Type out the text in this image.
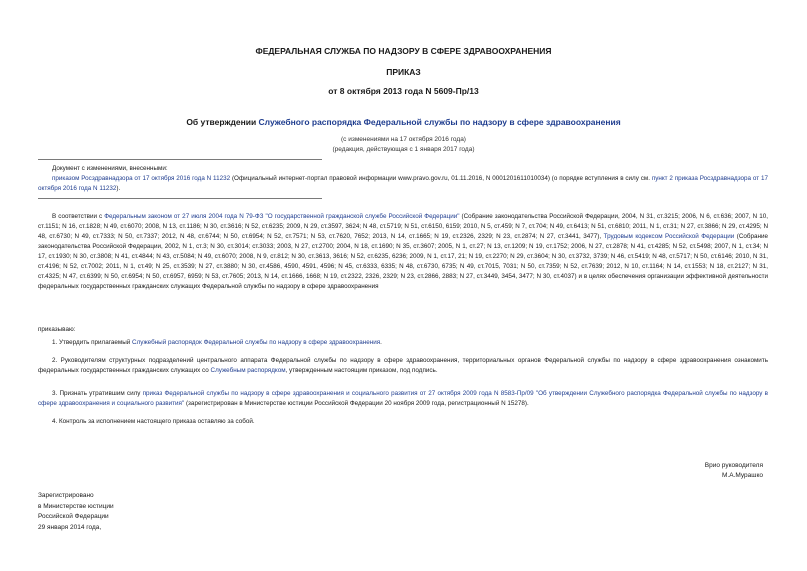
ФЕДЕРАЛЬНАЯ СЛУЖБА ПО НАДЗОРУ В СФЕРЕ ЗДРАВООХРАНЕНИЯ
ПРИКАЗ
от 8 октября 2013 года N 5609-Пр/13
Об утверждении Служебного распорядка Федеральной службы по надзору в сфере здравоохранения
(с изменениями на 17 октября 2016 года)
(редакция, действующая с 1 января 2017 года)
Документ с изменениями, внесенными:
приказом Росздравнадзора от 17 октября 2016 года N 11232 (Официальный интернет-портал правовой информации www.pravo.gov.ru, 01.11.2016, N 0001201611010034) (о порядке вступления в силу см. пункт 2 приказа Росздравнадзора от 17 октября 2016 года N 11232).
В соответствии с Федеральным законом от 27 июля 2004 года N 79-ФЗ "О государственной гражданской службе Российской Федерации" (Собрание законодательства Российской Федерации, 2004, N 31, ст.3215; 2006, N 6, ст.636; 2007, N 10, ст.1151; N 16, ст.1828; N 49, ст.6070; 2008, N 13, ст.1186; N 30, ст.3616; N 52, ст.6235; 2009, N 29, ст.3597, 3624; N 48, ст.5719; N 51, ст.6150, 6159; 2010, N 5, ст.459; N 7, ст.704; N 49, ст.6413; N 51, ст.6810; 2011, N 1, ст.31; N 27, ст.3866; N 29, ст.4295; N 48, ст.6730; N 49, ст.7333; N 50, ст.7337; 2012, N 48, ст.6744; N 50, ст.6954; N 52, ст.7571; N 53, ст.7620, 7652; 2013, N 14, ст.1665; N 19, ст.2326, 2329; N 23, ст.2874; N 27, ст.3441, 3477), Трудовым кодексом Российской Федерации (Собрание законодательства Российской Федерации, 2002, N 1, ст.3; N 30, ст.3014; ст.3033; 2003, N 27, ст.2700; 2004, N 18, ст.1690; N 35, ст.3607; 2005, N 1, ст.27; N 13, ст.1209; N 19, ст.1752; 2006, N 27, ст.2878; N 41, ст.4285; N 52, ст.5498; 2007, N 1, ст.34; N 17, ст.1930; N 30, ст.3808; N 41, ст.4844; N 43, ст.5084; N 49, ст.6070; 2008, N 9, ст.812; N 30, ст.3613, 3616; N 52, ст.6235, 6236; 2009, N 1, ст.17, 21; N 19, ст.2270; N 29, ст.3604; N 30, ст.3732, 3739; N 46, ст.5419; N 48, ст.5717; N 50, ст.6146; 2010, N 31, ст.4196; N 52, ст.7002; 2011, N 1, ст.49; N 25, ст.3539; N 27, ст.3880; N 30, ст.4586, 4590, 4591, 4596; N 45, ст.6333, 6335; N 48, ст.6730, 6735; N 49, ст.7015, 7031; N 50, ст.7359; N 52, ст.7639; 2012, N 10, ст.1164; N 14, ст.1553; N 18, ст.2127; N 31, ст.4325; N 47, ст.6399; N 50, ст.6954; N 50, ст.6957, 6959; N 53, ст.7605; 2013, N 14, ст.1666, 1668; N 19, ст.2322, 2326, 2329; N 23, ст.2866, 2883; N 27, ст.3449, 3454, 3477; N 30, ст.4037) и в целях обеспечения организации эффективной деятельности федеральных государственных гражданских служащих Федеральной службы по надзору в сфере здравоохранения
приказываю:
1. Утвердить прилагаемый Служебный распорядок Федеральной службы по надзору в сфере здравоохранения.
2. Руководителям структурных подразделений центрального аппарата Федеральной службы по надзору в сфере здравоохранения, территориальных органов Федеральной службы по надзору в сфере здравоохранения ознакомить федеральных государственных гражданских служащих со Служебным распорядком, утвержденным настоящим приказом, под подпись.
3. Признать утратившим силу приказ Федеральной службы по надзору в сфере здравоохранения и социального развития от 27 октября 2009 года N 8583-Пр/09 "Об утверждении Служебного распорядка Федеральной службы по надзору в сфере здравоохранения и социального развития" (зарегистрирован в Министерстве юстиции Российской Федерации 20 ноября 2009 года, регистрационный N 15278).
4. Контроль за исполнением настоящего приказа оставляю за собой.
Врио руководителя
М.А.Мурашко
Зарегистрировано
в Министерстве юстиции
Российской Федерации
29 января 2014 года,
